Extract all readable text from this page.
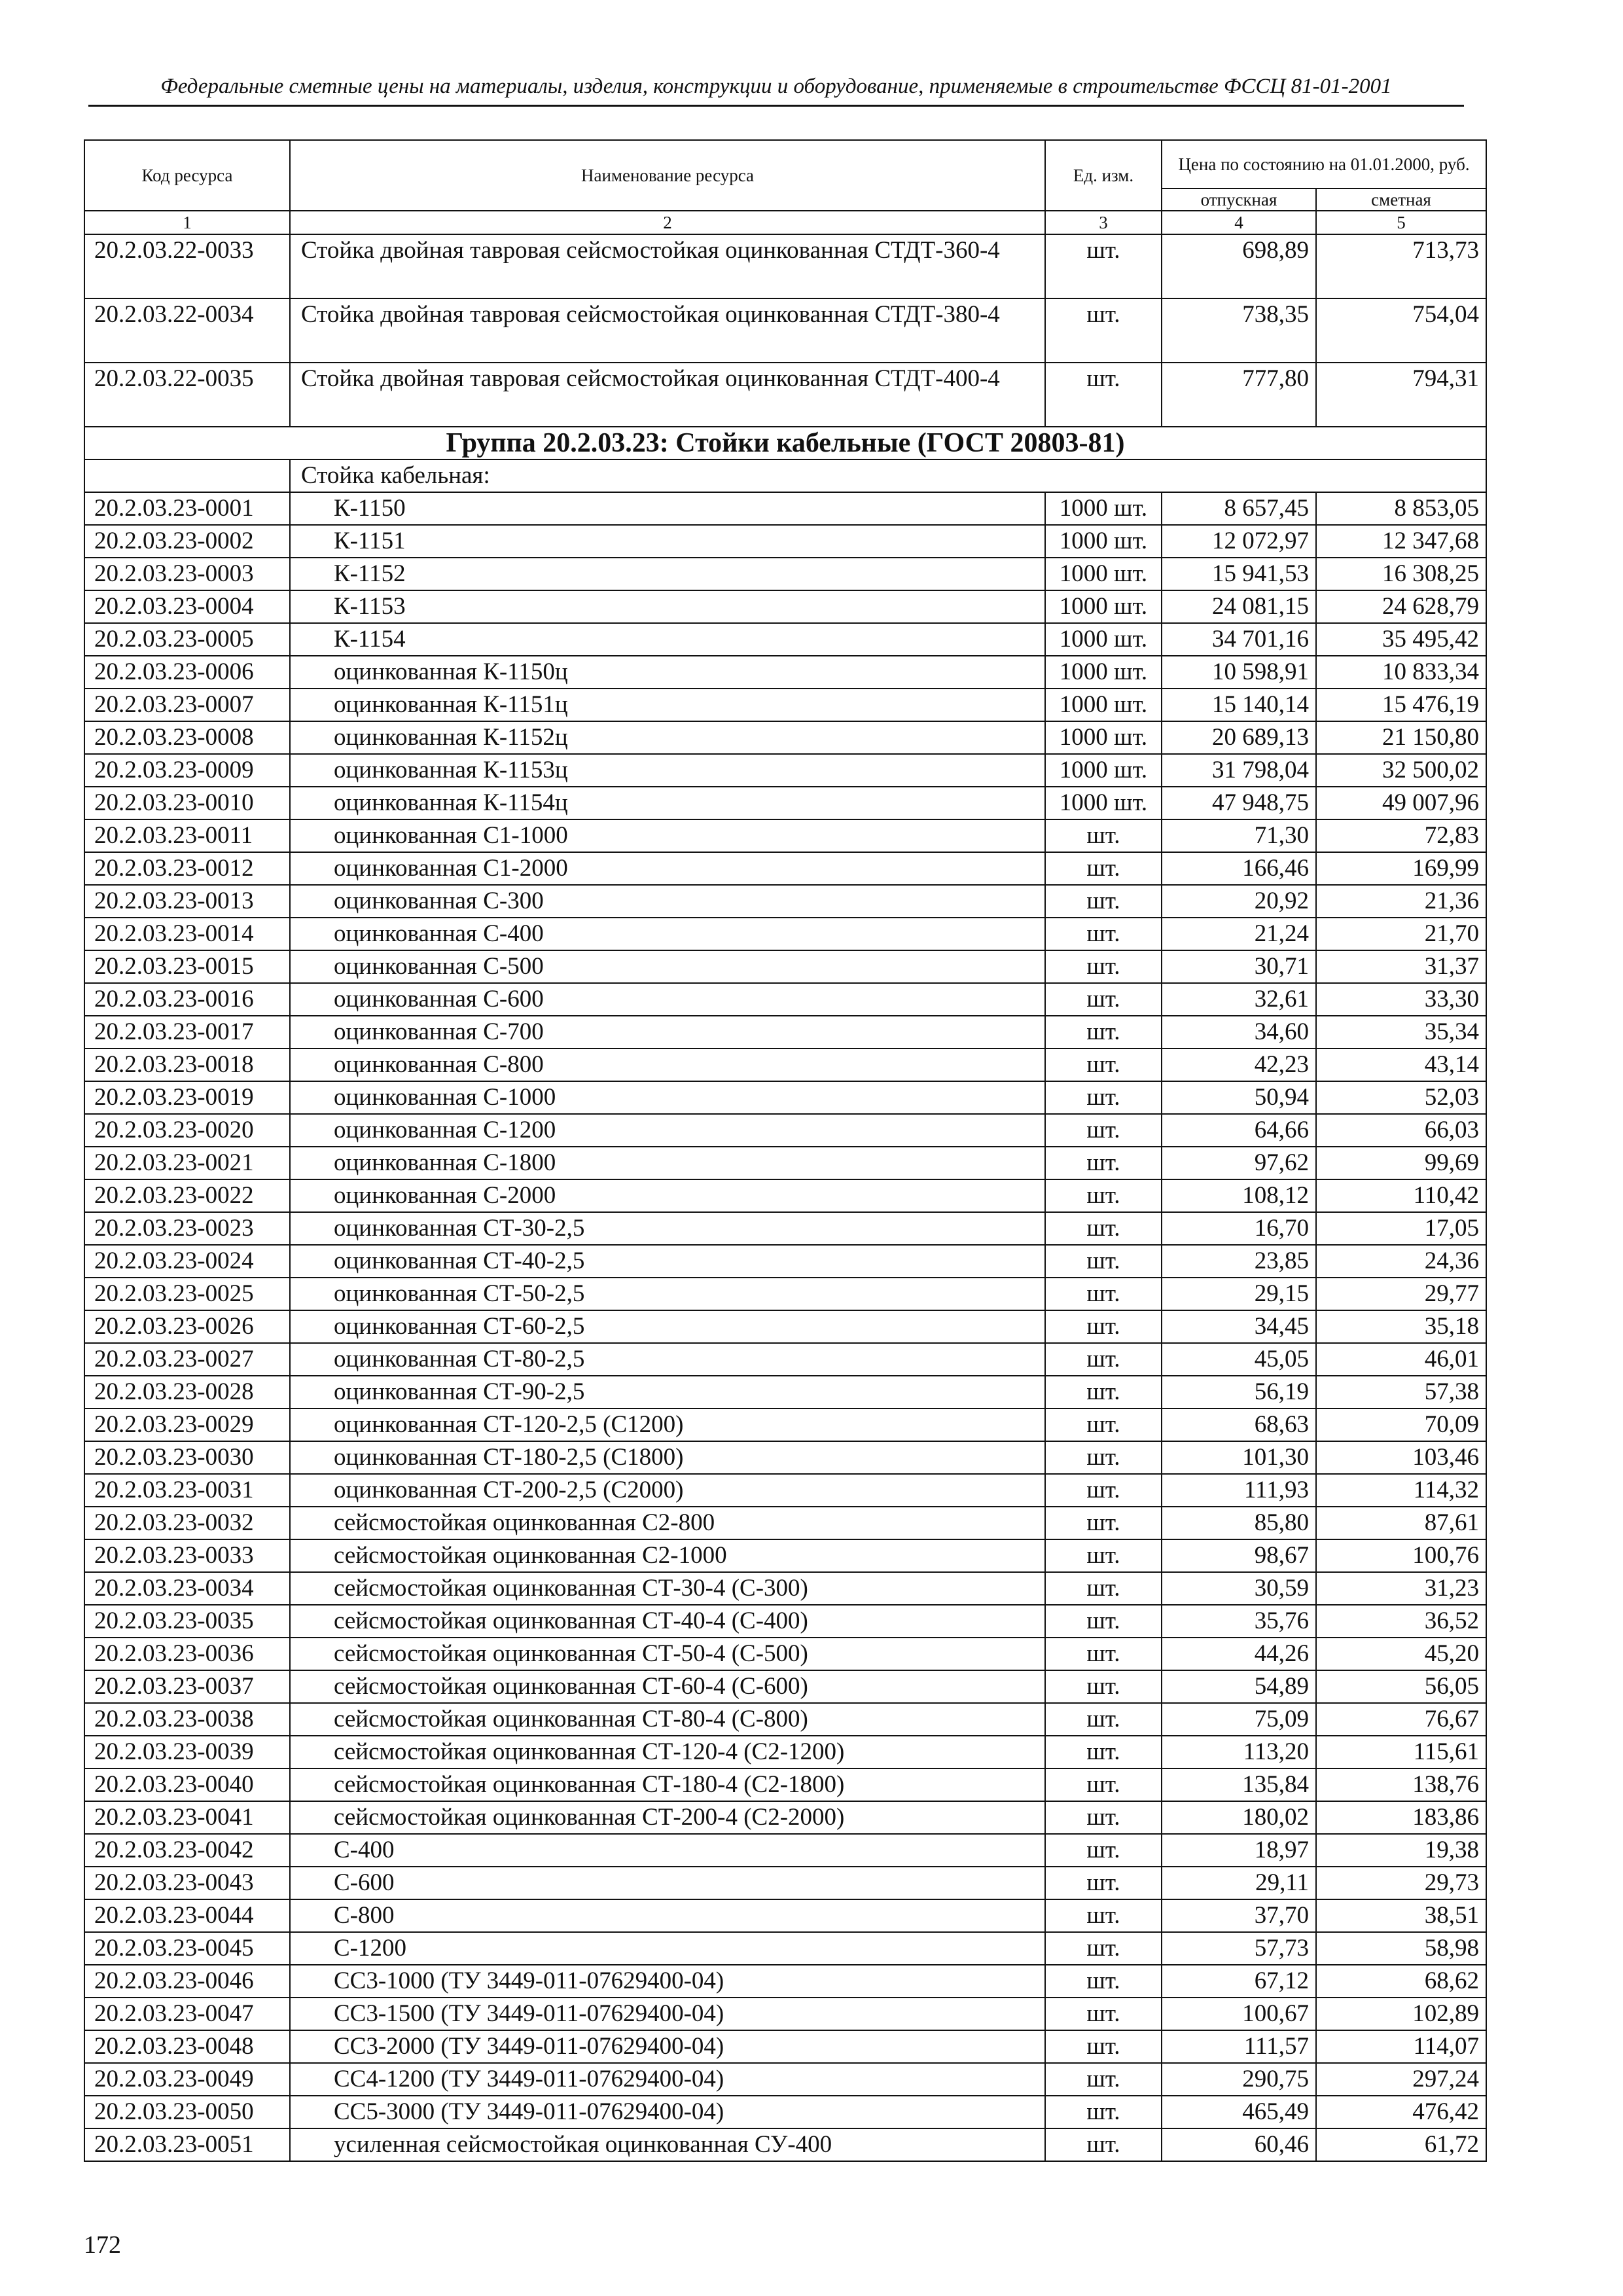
Федеральные сметные цены на материалы, изделия, конструкции и оборудование, применяемые в строительстве ФССЦ 81-01-2001
Код ресурса	Наименование ресурса	Ед. изм.	Цена по состоянию на 01.01.2000, руб.	
			отпускная	сметная
1	2	3	4	5
20.2.03.22-0033	Стойка двойная тавровая сейсмостойкая оцинкованная СТДТ-360-4	шт.	698,89	713,73
20.2.03.22-0034	Стойка двойная тавровая сейсмостойкая оцинкованная СТДТ-380-4	шт.	738,35	754,04
20.2.03.22-0035	Стойка двойная тавровая сейсмостойкая оцинкованная СТДТ-400-4	шт.	777,80	794,31
Группа 20.2.03.23: Стойки кабельные (ГОСТ 20803-81)				
	Стойка кабельная:			
20.2.03.23-0001	К-1150	1000 шт.	8 657,45	8 853,05
20.2.03.23-0002	К-1151	1000 шт.	12 072,97	12 347,68
20.2.03.23-0003	К-1152	1000 шт.	15 941,53	16 308,25
20.2.03.23-0004	К-1153	1000 шт.	24 081,15	24 628,79
20.2.03.23-0005	К-1154	1000 шт.	34 701,16	35 495,42
20.2.03.23-0006	оцинкованная К-1150ц	1000 шт.	10 598,91	10 833,34
20.2.03.23-0007	оцинкованная К-1151ц	1000 шт.	15 140,14	15 476,19
20.2.03.23-0008	оцинкованная К-1152ц	1000 шт.	20 689,13	21 150,80
20.2.03.23-0009	оцинкованная К-1153ц	1000 шт.	31 798,04	32 500,02
20.2.03.23-0010	оцинкованная К-1154ц	1000 шт.	47 948,75	49 007,96
20.2.03.23-0011	оцинкованная С1-1000	шт.	71,30	72,83
20.2.03.23-0012	оцинкованная С1-2000	шт.	166,46	169,99
20.2.03.23-0013	оцинкованная С-300	шт.	20,92	21,36
20.2.03.23-0014	оцинкованная С-400	шт.	21,24	21,70
20.2.03.23-0015	оцинкованная С-500	шт.	30,71	31,37
20.2.03.23-0016	оцинкованная С-600	шт.	32,61	33,30
20.2.03.23-0017	оцинкованная С-700	шт.	34,60	35,34
20.2.03.23-0018	оцинкованная С-800	шт.	42,23	43,14
20.2.03.23-0019	оцинкованная С-1000	шт.	50,94	52,03
20.2.03.23-0020	оцинкованная С-1200	шт.	64,66	66,03
20.2.03.23-0021	оцинкованная С-1800	шт.	97,62	99,69
20.2.03.23-0022	оцинкованная С-2000	шт.	108,12	110,42
20.2.03.23-0023	оцинкованная СТ-30-2,5	шт.	16,70	17,05
20.2.03.23-0024	оцинкованная СТ-40-2,5	шт.	23,85	24,36
20.2.03.23-0025	оцинкованная СТ-50-2,5	шт.	29,15	29,77
20.2.03.23-0026	оцинкованная СТ-60-2,5	шт.	34,45	35,18
20.2.03.23-0027	оцинкованная СТ-80-2,5	шт.	45,05	46,01
20.2.03.23-0028	оцинкованная СТ-90-2,5	шт.	56,19	57,38
20.2.03.23-0029	оцинкованная СТ-120-2,5 (С1200)	шт.	68,63	70,09
20.2.03.23-0030	оцинкованная СТ-180-2,5 (С1800)	шт.	101,30	103,46
20.2.03.23-0031	оцинкованная СТ-200-2,5 (С2000)	шт.	111,93	114,32
20.2.03.23-0032	сейсмостойкая оцинкованная С2-800	шт.	85,80	87,61
20.2.03.23-0033	сейсмостойкая оцинкованная С2-1000	шт.	98,67	100,76
20.2.03.23-0034	сейсмостойкая оцинкованная СТ-30-4 (С-300)	шт.	30,59	31,23
20.2.03.23-0035	сейсмостойкая оцинкованная СТ-40-4 (С-400)	шт.	35,76	36,52
20.2.03.23-0036	сейсмостойкая оцинкованная СТ-50-4 (С-500)	шт.	44,26	45,20
20.2.03.23-0037	сейсмостойкая оцинкованная СТ-60-4 (С-600)	шт.	54,89	56,05
20.2.03.23-0038	сейсмостойкая оцинкованная СТ-80-4 (С-800)	шт.	75,09	76,67
20.2.03.23-0039	сейсмостойкая оцинкованная СТ-120-4 (С2-1200)	шт.	113,20	115,61
20.2.03.23-0040	сейсмостойкая оцинкованная СТ-180-4 (С2-1800)	шт.	135,84	138,76
20.2.03.23-0041	сейсмостойкая оцинкованная СТ-200-4 (С2-2000)	шт.	180,02	183,86
20.2.03.23-0042	С-400	шт.	18,97	19,38
20.2.03.23-0043	С-600	шт.	29,11	29,73
20.2.03.23-0044	С-800	шт.	37,70	38,51
20.2.03.23-0045	С-1200	шт.	57,73	58,98
20.2.03.23-0046	СС3-1000 (ТУ 3449-011-07629400-04)	шт.	67,12	68,62
20.2.03.23-0047	СС3-1500 (ТУ 3449-011-07629400-04)	шт.	100,67	102,89
20.2.03.23-0048	СС3-2000 (ТУ 3449-011-07629400-04)	шт.	111,57	114,07
20.2.03.23-0049	СС4-1200 (ТУ 3449-011-07629400-04)	шт.	290,75	297,24
20.2.03.23-0050	СС5-3000 (ТУ 3449-011-07629400-04)	шт.	465,49	476,42
20.2.03.23-0051	усиленная сейсмостойкая оцинкованная СУ-400	шт.	60,46	61,72
172
